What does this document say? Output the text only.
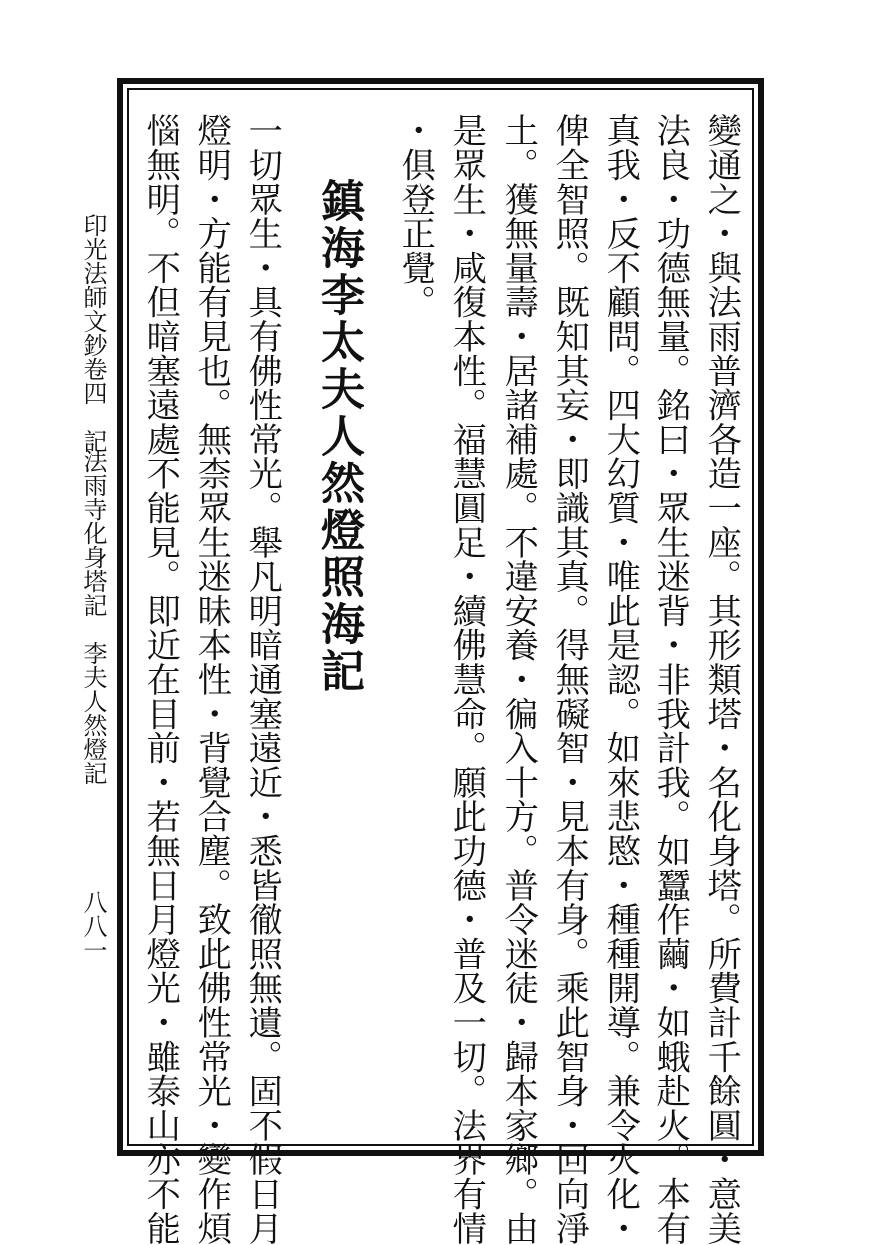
變通之・與法雨普濟各造一座。其形類塔・名化身塔。所費計千餘圓・意美
法良・功德無量。銘曰・眾生迷背・非我計我。如蠶作繭・如蛾赴火。本有
真我・反不顧問。四大幻質・唯此是認。如來悲愍・種種開導。兼令火化・
俾全智照。既知其妄・即識其真。得無礙智・見本有身。乘此智身・回向淨
土。獲無量壽・居諸補處。不違安養・徧入十方。普令迷徒・歸本家鄉。由
是眾生・咸復本性。福慧圓足・續佛慧命。願此功德・普及一切。法界有情
・俱登正覺。
鎮海李太夫人然燈照海記
一切眾生・具有佛性常光。舉凡明暗通塞遠近・悉皆徹照無遺。固不假日月
燈明・方能有見也。無柰眾生迷昧本性・背覺合塵。致此佛性常光・變作煩
惱無明。不但暗塞遠處不能見。即近在目前・若無日月燈光・雖泰山亦不能
印光法師文鈔卷四　記
法雨寺化身塔記　李夫人然燈記
八八一
